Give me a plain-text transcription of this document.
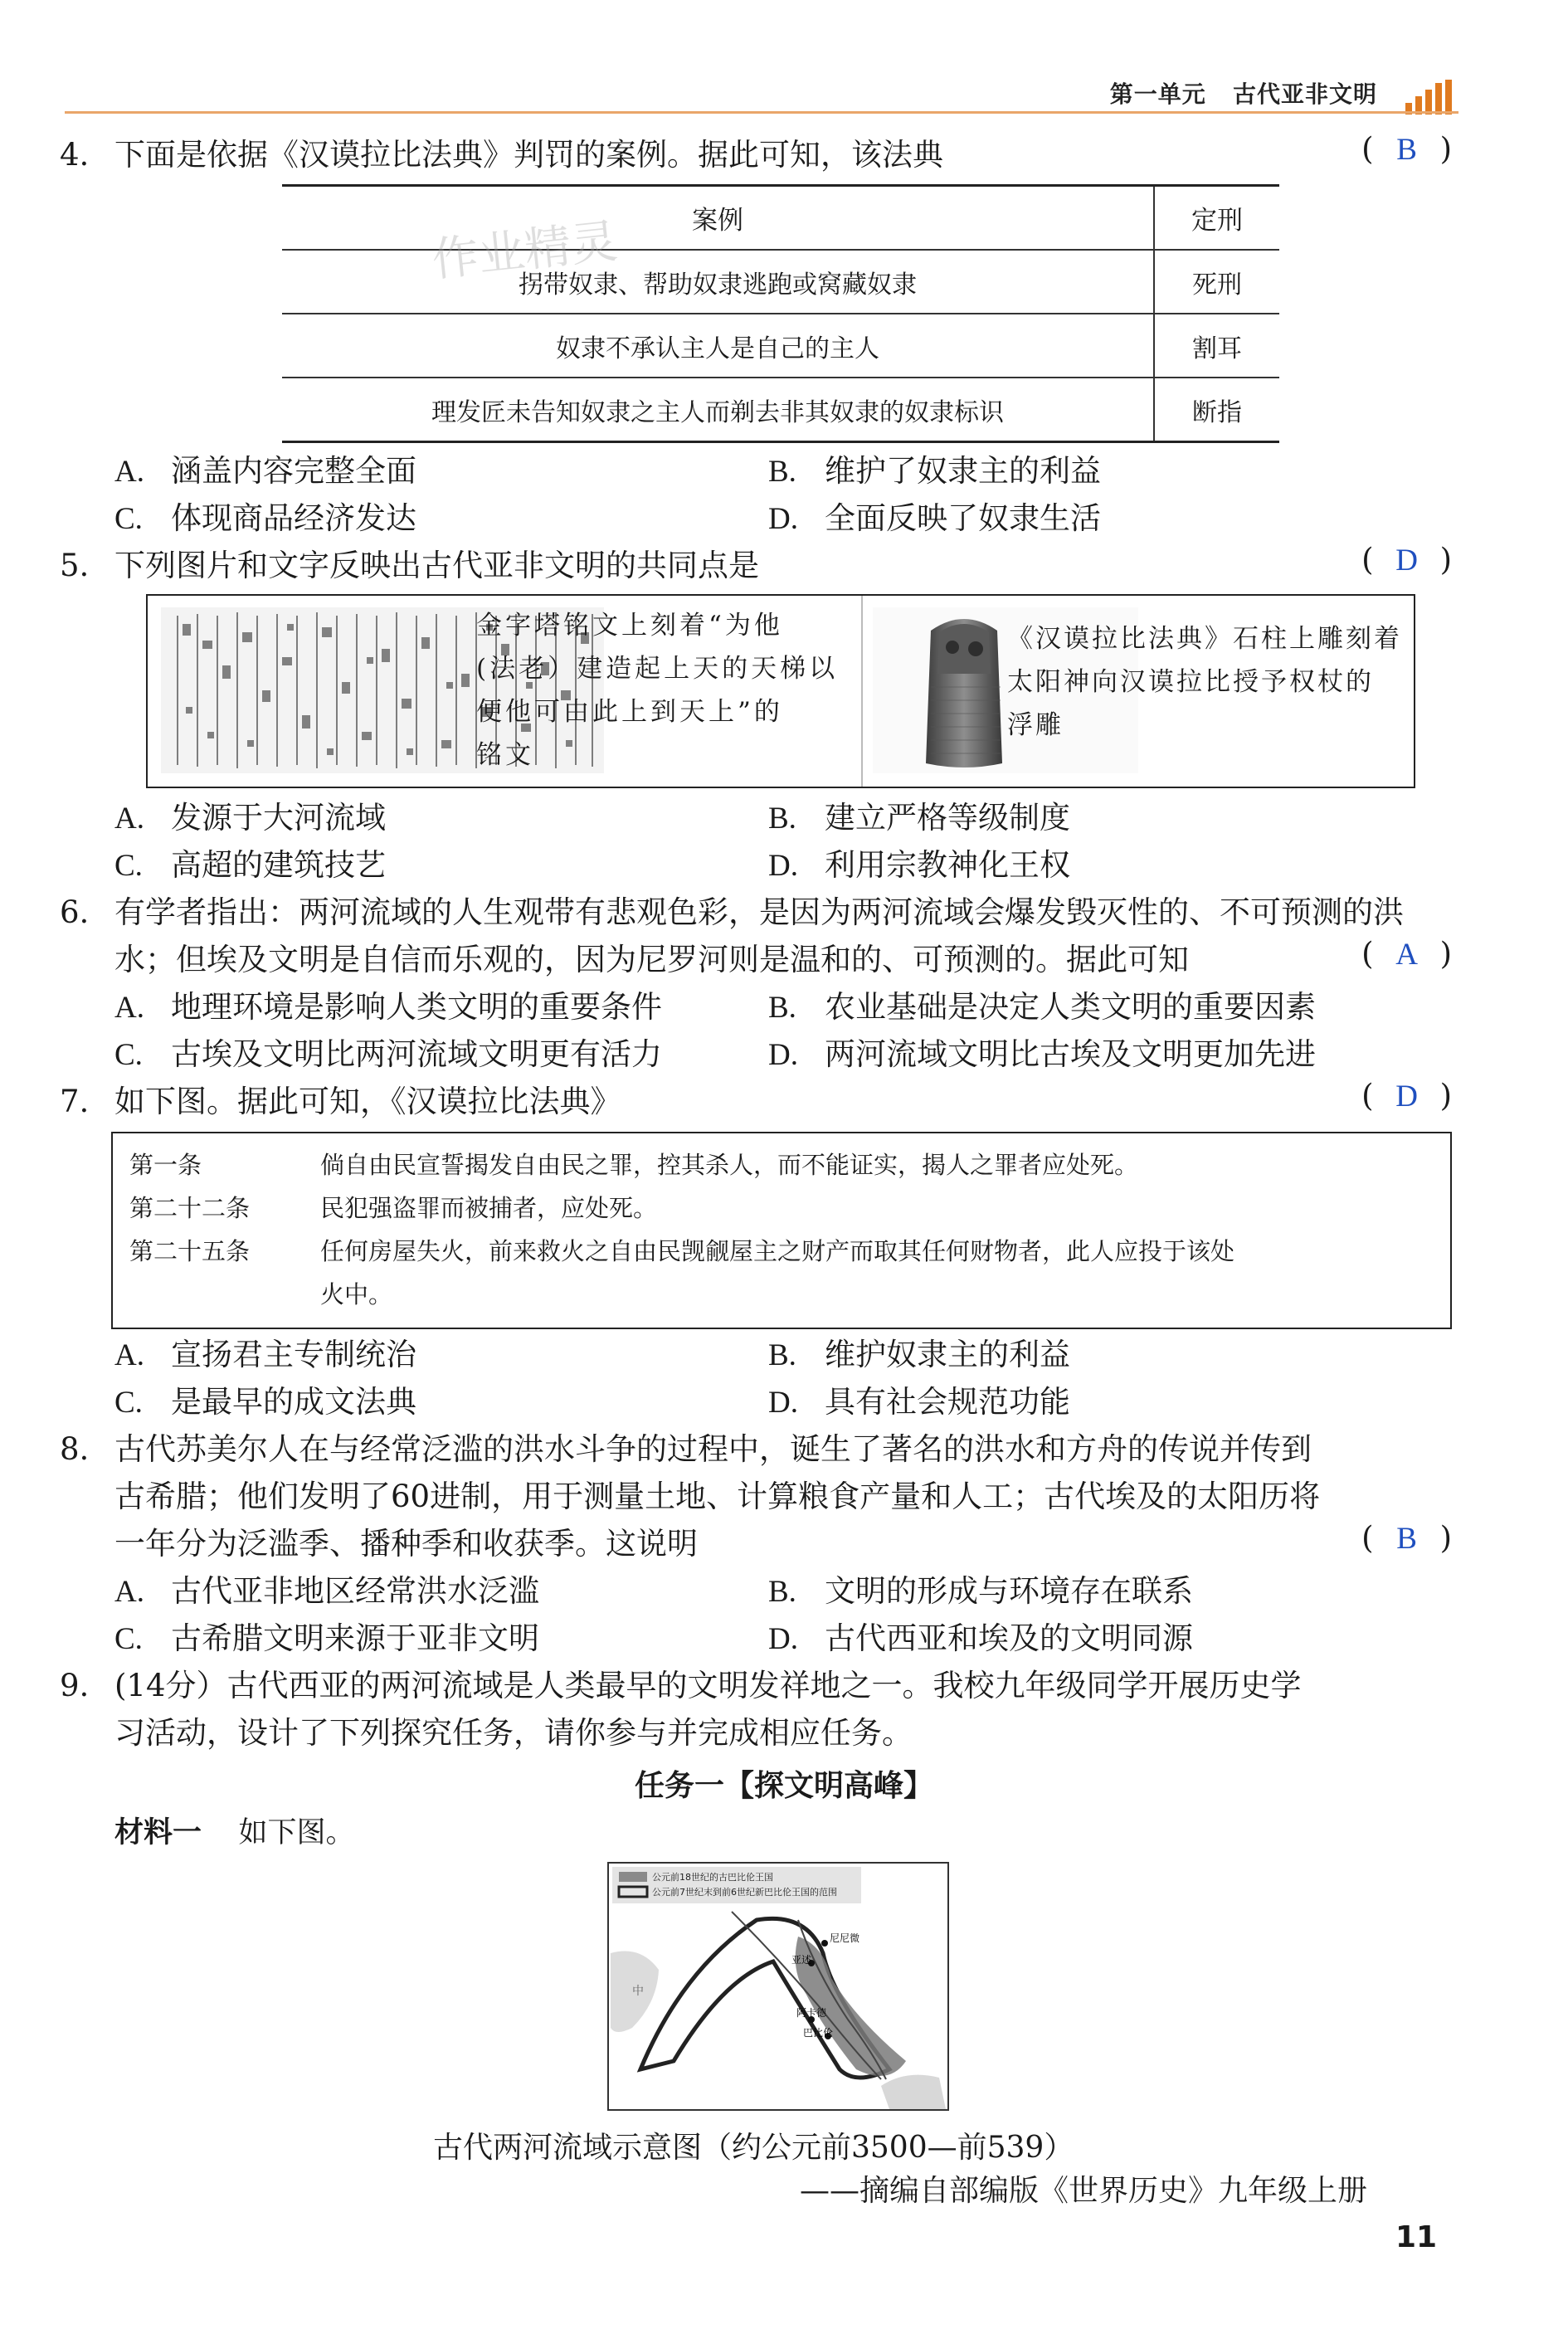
第一单元 古代亚非文明
4. 下面是依据《汉谟拉比法典》判罚的案例。据此可知，该法典	( B )
案例	定刑
拐带奴隶、帮助奴隶逃跑或窝藏奴隶	死刑
奴隶不承认主人是自己的主人	割耳
理发匠未告知奴隶之主人而剃去非其奴隶的奴隶标识	断指
作业精灵
A. 涵盖内容完整全面	B. 维护了奴隶主的利益
C. 体现商品经济发达	D. 全面反映了奴隶生活
5. 下列图片和文字反映出古代亚非文明的共同点是	( D )
金字塔铭文上刻着“为他
(法老）建造起上天的天梯以
便他可由此上到天上”的
铭文
《汉谟拉比法典》石柱上雕刻着
太阳神向汉谟拉比授予权杖的
浮雕
A. 发源于大河流域	B. 建立严格等级制度
C. 高超的建筑技艺	D. 利用宗教神化王权
6. 有学者指出：两河流域的人生观带有悲观色彩，是因为两河流域会爆发毁灭性的、不可预测的洪
水；但埃及文明是自信而乐观的，因为尼罗河则是温和的、可预测的。据此可知	( A )
A. 地理环境是影响人类文明的重要条件	B. 农业基础是决定人类文明的重要因素
C. 古埃及文明比两河流域文明更有活力	D. 两河流域文明比古埃及文明更加先进
7. 如下图。据此可知，《汉谟拉比法典》	( D )
第一条	倘自由民宣誓揭发自由民之罪，控其杀人，而不能证实，揭人之罪者应处死。
第二十二条	民犯强盗罪而被捕者，应处死。
第二十五条	任何房屋失火，前来救火之自由民觊觎屋主之财产而取其任何财物者，此人应投于该处
火中。
A. 宣扬君主专制统治	B. 维护奴隶主的利益
C. 是最早的成文法典	D. 具有社会规范功能
8. 古代苏美尔人在与经常泛滥的洪水斗争的过程中，诞生了著名的洪水和方舟的传说并传到
古希腊；他们发明了60进制，用于测量土地、计算粮食产量和人工；古代埃及的太阳历将
一年分为泛滥季、播种季和收获季。这说明	( B )
A. 古代亚非地区经常洪水泛滥	B. 文明的形成与环境存在联系
C. 古希腊文明来源于亚非文明	D. 古代西亚和埃及的文明同源
9. (14分）古代西亚的两河流域是人类最早的文明发祥地之一。我校九年级同学开展历史学
习活动，设计了下列探究任务，请你参与并完成相应任务。
任务一【探文明高峰】
材料一 如下图。
公元前18世纪的古巴比伦王国
公元前7世纪末到前6世纪新巴比伦王国的范围
尼尼微
亚述
阿卡德
巴比伦
中
古代两河流域示意图（约公元前3500—前539）
——摘编自部编版《世界历史》九年级上册
11
